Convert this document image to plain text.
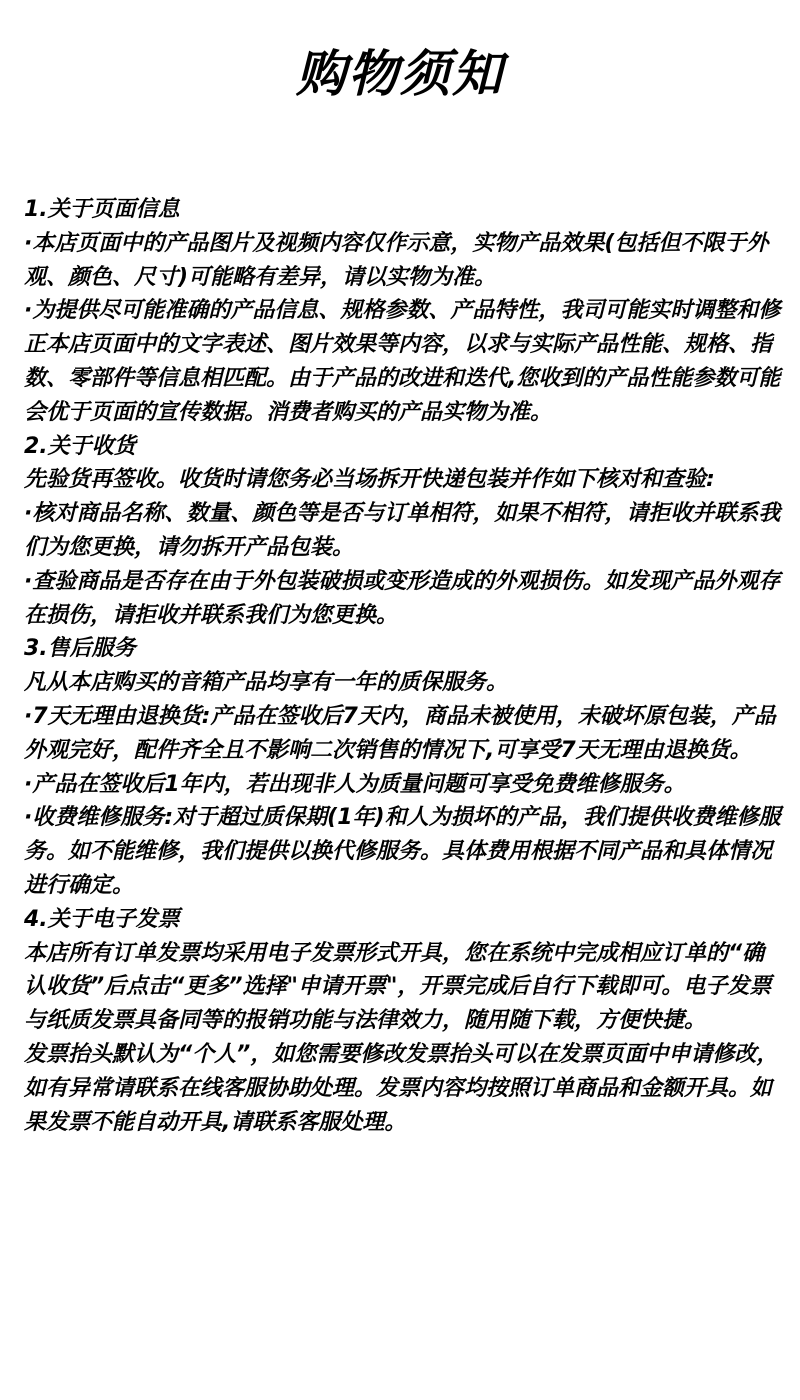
购物须知

1.关于页面信息

·本店页面中的产品图片及视频内容仅作示意，实物产品效果(包括但不限于外观、颜色、尺寸)可能略有差异，请以实物为准。

·为提供尽可能准确的产品信息、规格参数、产品特性，我司可能实时调整和修正本店页面中的文字表述、图片效果等内容，以求与实际产品性能、规格、指数、零部件等信息相匹配。由于产品的改进和迭代,您收到的产品性能参数可能会优于页面的宣传数据。消费者购买的产品实物为准。

2.关于收货

先验货再签收。收货时请您务必当场拆开快递包装并作如下核对和查验:

·核对商品名称、数量、颜色等是否与订单相符，如果不相符，请拒收并联系我们为您更换，请勿拆开产品包装。

·查验商品是否存在由于外包装破损或变形造成的外观损伤。如发现产品外观存在损伤，请拒收并联系我们为您更换。

3.售后服务

凡从本店购买的音箱产品均享有一年的质保服务。

·7天无理由退换货:产品在签收后7天内，商品未被使用，未破坏原包装，产品外观完好，配件齐全且不影响二次销售的情况下,可享受7天无理由退换货。

·产品在签收后1年内，若出现非人为质量问题可享受免费维修服务。

·收费维修服务:对于超过质保期(1年)和人为损坏的产品，我们提供收费维修服务。如不能维修，我们提供以换代修服务。具体费用根据不同产品和具体情况进行确定。

4.关于电子发票

本店所有订单发票均采用电子发票形式开具，您在系统中完成相应订单的“确认收货”后点击“更多”选择"申请开票"，开票完成后自行下载即可。电子发票与纸质发票具备同等的报销功能与法律效力，随用随下载，方便快捷。

发票抬头默认为“个人”，如您需要修改发票抬头可以在发票页面中申请修改，如有异常请联系在线客服协助处理。发票内容均按照订单商品和金额开具。如果发票不能自动开具,请联系客服处理。
